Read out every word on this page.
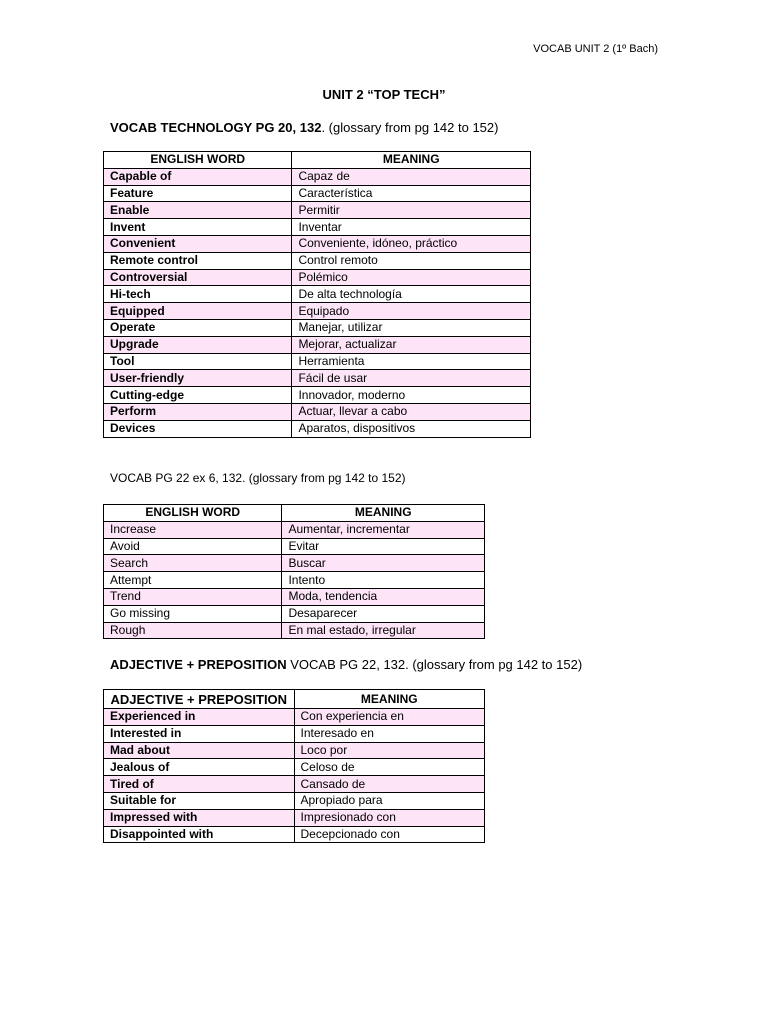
VOCAB UNIT 2 (1º Bach)
UNIT 2 “TOP TECH”
VOCAB TECHNOLOGY PG 20, 132. (glossary from pg 142 to 152)
ENGLISH WORD	MEANING
Capable of	Capaz de
Feature	Característica
Enable	Permitir
Invent	Inventar
Convenient	Conveniente, idóneo, práctico
Remote control	Control remoto
Controversial	Polémico
Hi-tech	De alta technología
Equipped	Equipado
Operate	Manejar, utilizar
Upgrade	Mejorar, actualizar
Tool	Herramienta
User-friendly	Fácil de usar
Cutting-edge	Innovador, moderno
Perform	Actuar, llevar a cabo
Devices	Aparatos, dispositivos
VOCAB PG 22 ex 6, 132. (glossary from pg 142 to 152)
ENGLISH WORD	MEANING
Increase	Aumentar, incrementar
Avoid	Evitar
Search	Buscar
Attempt	Intento
Trend	Moda, tendencia
Go missing	Desaparecer
Rough	En mal estado, irregular
ADJECTIVE + PREPOSITION VOCAB PG 22, 132. (glossary from pg 142 to 152)
ADJECTIVE + PREPOSITION	MEANING
Experienced in	Con experiencia en
Interested in	Interesado en
Mad about	Loco por
Jealous of	Celoso de
Tired of	Cansado de
Suitable for	Apropiado para
Impressed with	Impresionado con
Disappointed with	Decepcionado con
